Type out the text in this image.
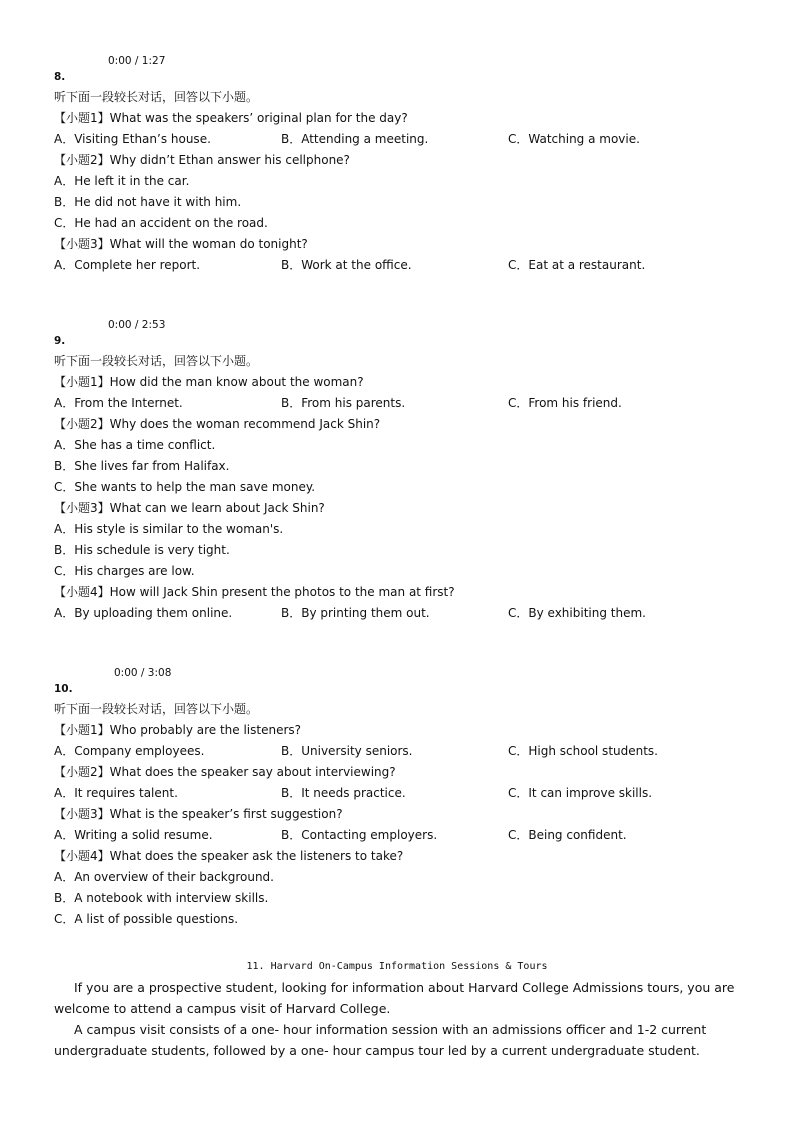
0:00 / 1:27
8.
听下面一段较长对话，回答以下小题。
【小题1】What was the speakers’ original plan for the day?
A．Visiting Ethan’s house.	B．Attending a meeting.	C．Watching a movie.
【小题2】Why didn’t Ethan answer his cellphone?
A．He left it in the car.
B．He did not have it with him.
C．He had an accident on the road.
【小题3】What will the woman do tonight?
A．Complete her report.	B．Work at the office.	C．Eat at a restaurant.
0:00 / 2:53
9.
听下面一段较长对话，回答以下小题。
【小题1】How did the man know about the woman?
A．From the Internet.	B．From his parents.	C．From his friend.
【小题2】Why does the woman recommend Jack Shin?
A．She has a time conflict.
B．She lives far from Halifax.
C．She wants to help the man save money.
【小题3】What can we learn about Jack Shin?
A．His style is similar to the woman's.
B．His schedule is very tight.
C．His charges are low.
【小题4】How will Jack Shin present the photos to the man at first?
A．By uploading them online.	B．By printing them out.	C．By exhibiting them.
0:00 / 3:08
10.
听下面一段较长对话，回答以下小题。
【小题1】Who probably are the listeners?
A．Company employees.	B．University seniors.	C．High school students.
【小题2】What does the speaker say about interviewing?
A．It requires talent.	B．It needs practice.	C．It can improve skills.
【小题3】What is the speaker’s first suggestion?
A．Writing a solid resume.	B．Contacting employers.	C．Being confident.
【小题4】What does the speaker ask the listeners to take?
A．An overview of their background.
B．A notebook with interview skills.
C．A list of possible questions.
11. Harvard On-Campus Information Sessions & Tours
If you are a prospective student, looking for information about Harvard College Admissions tours, you are welcome to attend a campus visit of Harvard College.
A campus visit consists of a one- hour information session with an admissions officer and 1-2 current undergraduate students, followed by a one- hour campus tour led by a current undergraduate student.
